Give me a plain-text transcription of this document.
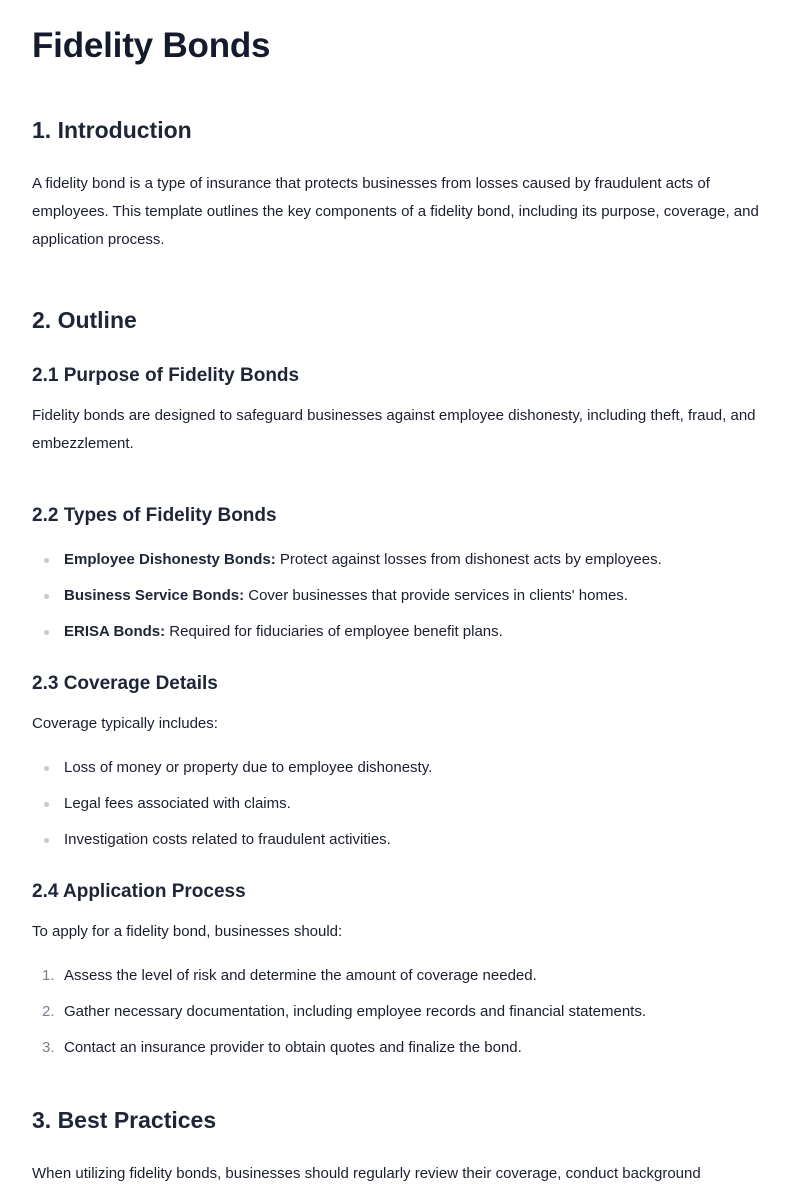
Fidelity Bonds
1. Introduction

A fidelity bond is a type of insurance that protects businesses from losses caused by fraudulent acts of employees. This template outlines the key components of a fidelity bond, including its purpose, coverage, and application process.

2. Outline
2.1 Purpose of Fidelity Bonds

Fidelity bonds are designed to safeguard businesses against employee dishonesty, including theft, fraud, and embezzlement.

2.2 Types of Fidelity Bonds
Employee Dishonesty Bonds: Protect against losses from dishonest acts by employees.
Business Service Bonds: Cover businesses that provide services in clients' homes.
ERISA Bonds: Required for fiduciaries of employee benefit plans.
2.3 Coverage Details

Coverage typically includes:

Loss of money or property due to employee dishonesty.
Legal fees associated with claims.
Investigation costs related to fraudulent activities.
2.4 Application Process

To apply for a fidelity bond, businesses should:

1. Assess the level of risk and determine the amount of coverage needed.
2. Gather necessary documentation, including employee records and financial statements.
3. Contact an insurance provider to obtain quotes and finalize the bond.
3. Best Practices

When utilizing fidelity bonds, businesses should regularly review their coverage, conduct background
